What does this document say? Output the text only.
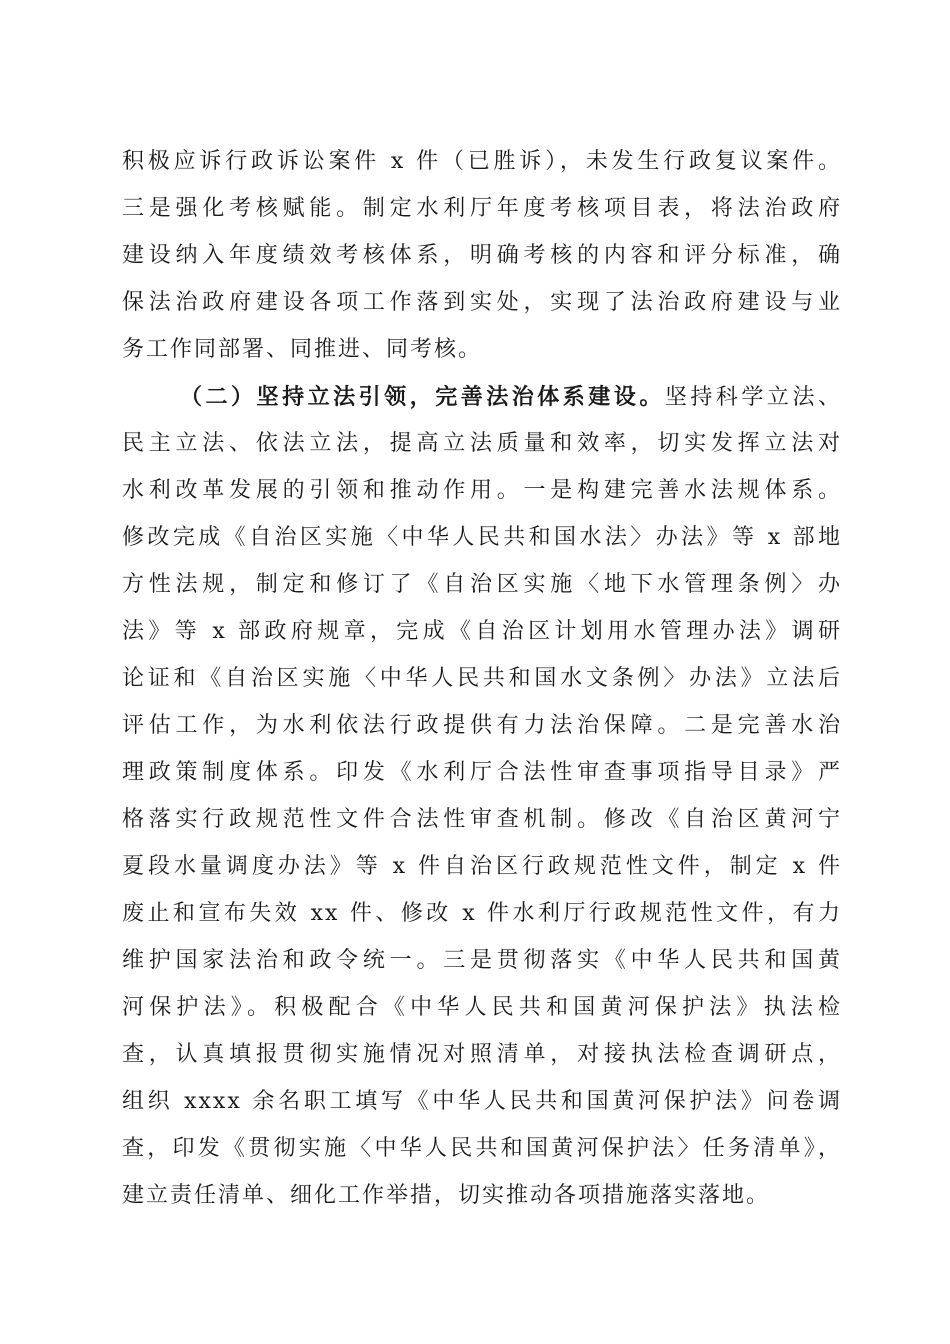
积极应诉行政诉讼案件 x 件（已胜诉），未发生行政复议案件。
三是强化考核赋能。制定水利厅年度考核项目表，将法治政府
建设纳入年度绩效考核体系，明确考核的内容和评分标准，确
保法治政府建设各项工作落到实处，实现了法治政府建设与业
务工作同部署、同推进、同考核。
（二）坚持立法引领，完善法治体系建设。坚持科学立法、
民主立法、依法立法，提高立法质量和效率，切实发挥立法对
水利改革发展的引领和推动作用。一是构建完善水法规体系。
修改完成《自治区实施〈中华人民共和国水法〉办法》等 x 部地
方性法规，制定和修订了《自治区实施〈地下水管理条例〉办
法》等 x 部政府规章，完成《自治区计划用水管理办法》调研
论证和《自治区实施〈中华人民共和国水文条例〉办法》立法后
评估工作，为水利依法行政提供有力法治保障。二是完善水治
理政策制度体系。印发《水利厅合法性审查事项指导目录》严
格落实行政规范性文件合法性审查机制。修改《自治区黄河宁
夏段水量调度办法》等 x 件自治区行政规范性文件，制定 x 件
废止和宣布失效 xx 件、修改 x 件水利厅行政规范性文件，有力
维护国家法治和政令统一。三是贯彻落实《中华人民共和国黄
河保护法》。积极配合《中华人民共和国黄河保护法》执法检
查，认真填报贯彻实施情况对照清单，对接执法检查调研点，
组织 xxxx 余名职工填写《中华人民共和国黄河保护法》问卷调
查，印发《贯彻实施〈中华人民共和国黄河保护法〉任务清单》，
建立责任清单、细化工作举措，切实推动各项措施落实落地。
